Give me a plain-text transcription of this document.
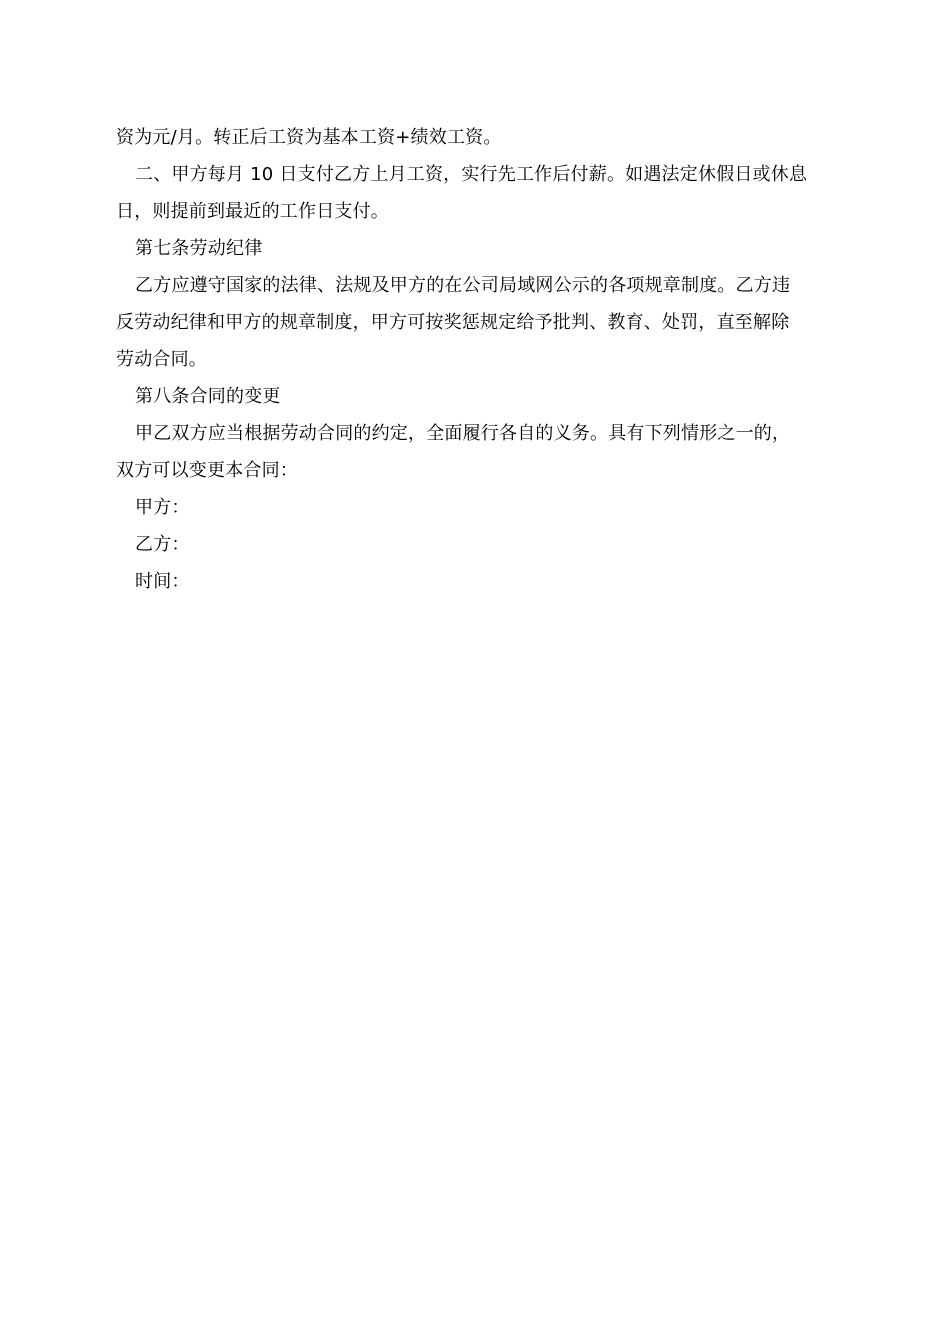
资为元/月。转正后工资为基本工资+绩效工资。
二、甲方每月 10 日支付乙方上月工资，实行先工作后付薪。如遇法定休假日或休息
日，则提前到最近的工作日支付。
第七条劳动纪律
乙方应遵守国家的法律、法规及甲方的在公司局域网公示的各项规章制度。乙方违
反劳动纪律和甲方的规章制度，甲方可按奖惩规定给予批判、教育、处罚，直至解除
劳动合同。
第八条合同的变更
甲乙双方应当根据劳动合同的约定，全面履行各自的义务。具有下列情形之一的，
双方可以变更本合同：
甲方：
乙方：
时间：
